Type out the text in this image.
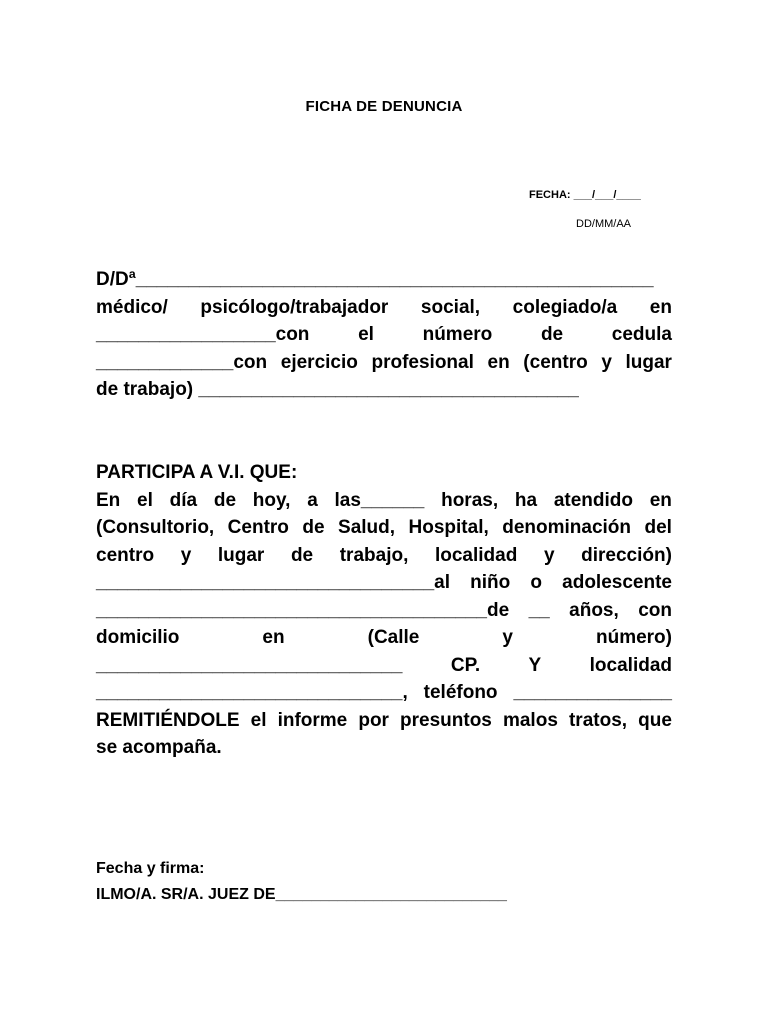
FICHA DE DENUNCIA
FECHA: ___/___/____
DD/MM/AA
D/Dª_________________________________________________
médico/ psicólogo/trabajador social, colegiado/a en
_________________con	el	número	de	cedula
_____________con ejercicio profesional en (centro y lugar
de trabajo) ____________________________________
PARTICIPA A V.I. QUE:
En el día de hoy, a las______ horas, ha atendido en
(Consultorio, Centro de Salud, Hospital, denominación del
centro y lugar de trabajo, localidad y dirección)
________________________________al niño o adolescente
_____________________________________de __ años, con
domicilio	en	(Calle	y	número)
_____________________________	CP.	Y	localidad
_____________________________, teléfono _______________
REMITIÉNDOLE el informe por presuntos malos tratos, que
se acompaña.
Fecha y firma:
ILMO/A. SR/A. JUEZ DE__________________________
